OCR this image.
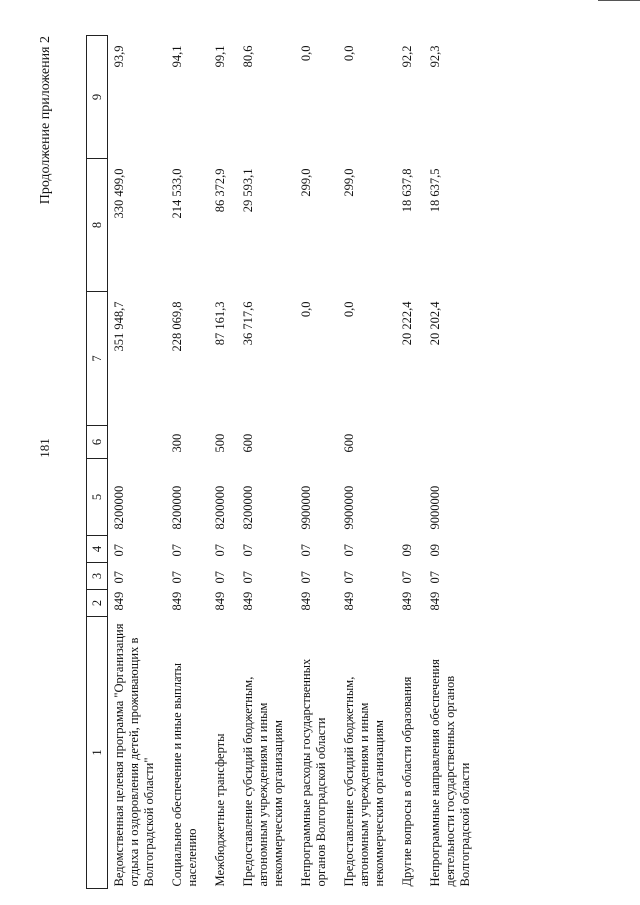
181
Продолжение приложения 2
1	2	3	4	5	6	7	8	9
Ведомственная целевая программа "Организация отдыха и оздоровления детей, проживающих в Волгоградской области"	849	07	07	8200000		351 948,7	330 499,0	93,9
Социальное обеспечение и иные выплаты населению	849	07	07	8200000	300	228 069,8	214 533,0	94,1
Межбюджетные трансферты	849	07	07	8200000	500	87 161,3	86 372,9	99,1
Предоставление субсидий бюджетным, автономным учреждениям и иным некоммерческим организациям	849	07	07	8200000	600	36 717,6	29 593,1	80,6
Непрограммные расходы государственных органов Волгоградской области	849	07	07	9900000		0,0	299,0	0,0
Предоставление субсидий бюджетным, автономным учреждениям и иным некоммерческим организациям	849	07	07	9900000	600	0,0	299,0	0,0
Другие вопросы в области образования	849	07	09			20 222,4	18 637,8	92,2
Непрограммные направления обеспечения деятельности государственных органов Волгоградской области	849	07	09	9000000		20 202,4	18 637,5	92,3
